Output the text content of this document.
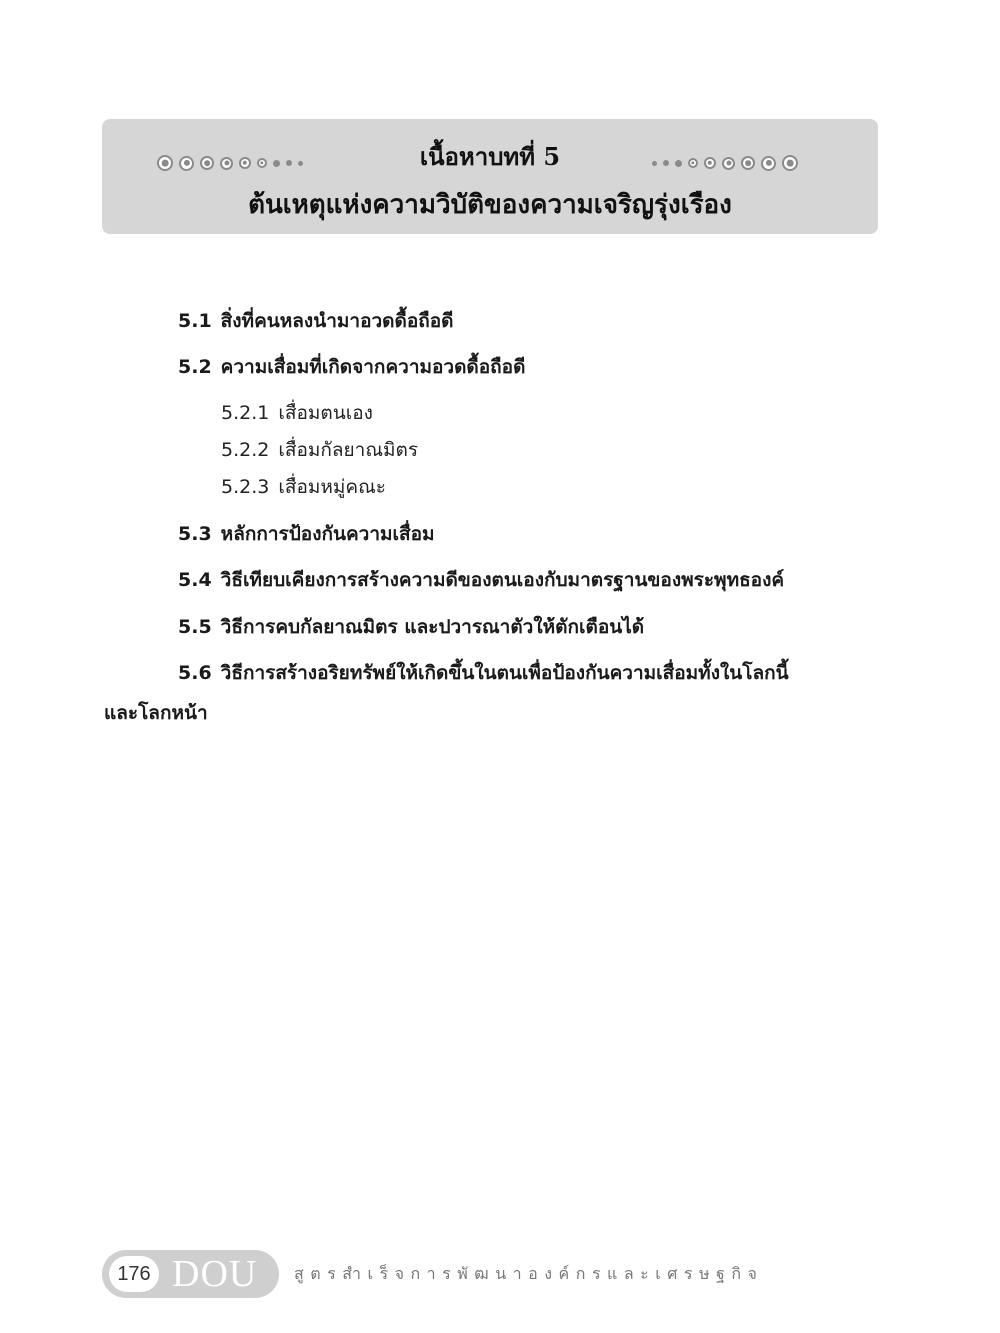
เนื้อหาบทที่ 5
ต้นเหตุแห่งความวิบัติของความเจริญรุ่งเรือง
5.1 สิ่งที่คนหลงนำมาอวดดื้อถือดี
5.2 ความเสื่อมที่เกิดจากความอวดดื้อถือดี
5.2.1 เสื่อมตนเอง
5.2.2 เสื่อมกัลยาณมิตร
5.2.3 เสื่อมหมู่คณะ
5.3 หลักการป้องกันความเสื่อม
5.4 วิธีเทียบเคียงการสร้างความดีของตนเองกับมาตรฐานของพระพุทธองค์
5.5 วิธีการคบกัลยาณมิตร และปวารณาตัวให้ตักเตือนได้
5.6 วิธีการสร้างอริยทรัพย์ให้เกิดขึ้นในตนเพื่อป้องกันความเสื่อมทั้งในโลกนี้
และโลกหน้า
176 DOU สูตรสำเร็จการพัฒนาองค์กรและเศรษฐกิจ
